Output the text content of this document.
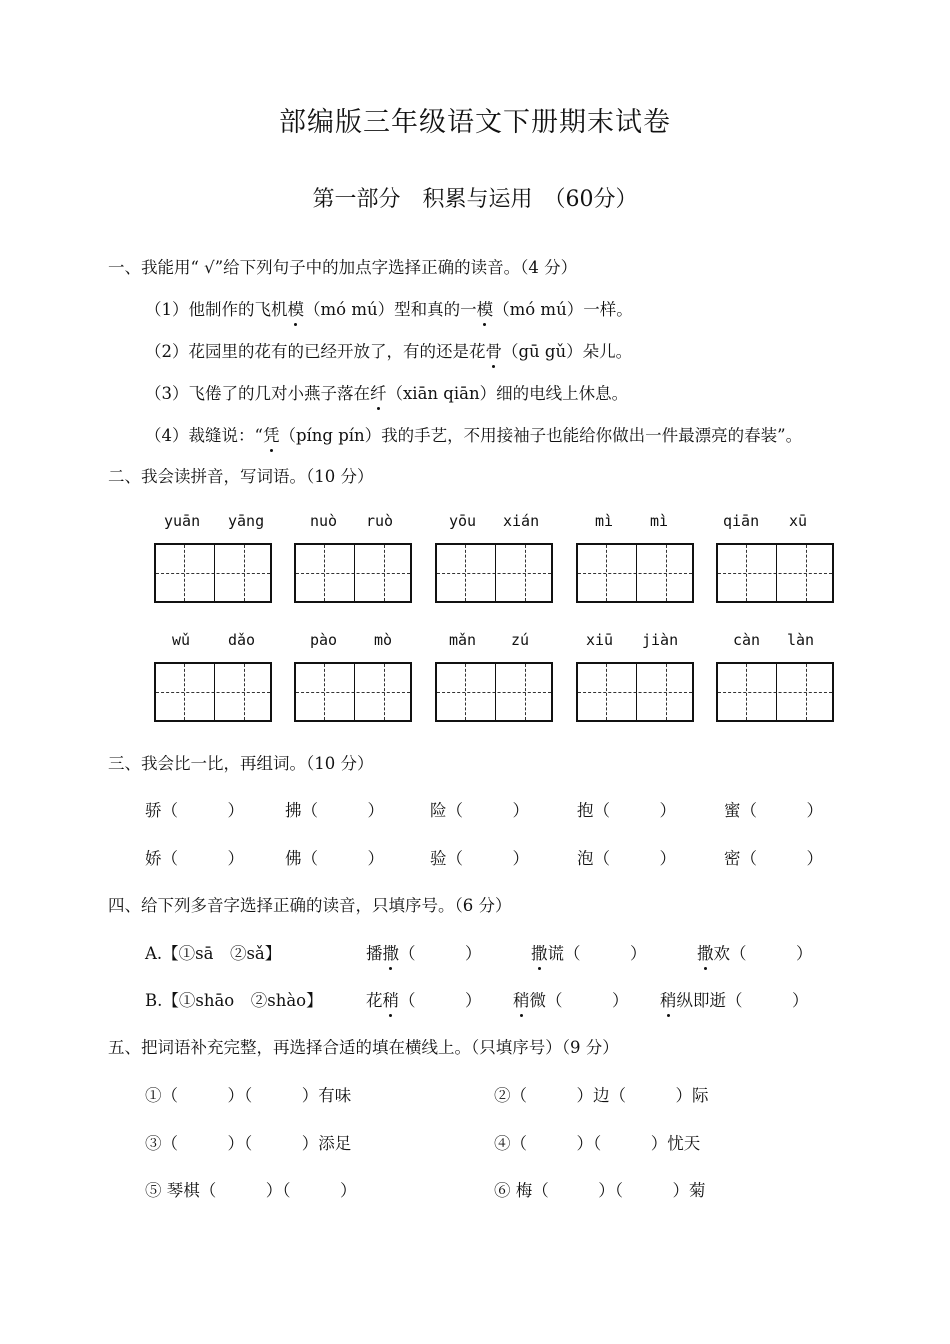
部编版三年级语文下册期末试卷
第一部分　积累与运用　（60分）
一、我能用“ √”给下列句子中的加点字选择正确的读音。（4 分）
（1）他制作的飞机模（mó mú）型和真的一模（mó mú）一样。
（2）花园里的花有的已经开放了，有的还是花骨（gū gǔ）朵儿。
（3）飞倦了的几对小燕子落在纤（xiān qiān）细的电线上休息。
（4）裁缝说：“凭（píng pín）我的手艺，不用接袖子也能给你做出一件最漂亮的春装”。
二、我会读拼音，写词语。（10 分）
yuān yāng	nuò ruò	yōu xián	mì mì	qiān xū
wǔ	dǎo	pào mò	mǎn zú	xiū jiàn	càn làn
三、我会比一比，再组词。（10 分）
骄（　　　） 拂（　　　）	险（　　　）	抱（　　　）	蜜（　　　）
娇（　　　） 佛（　　　）	验（　　　）	泡（　　　）	密（　　　）
四、给下列多音字选择正确的读音，只填序号。（6 分）
A.【①sā　②sǎ】	播撒（　　　）	撒谎（　　　）	撒欢（　　　）
B.【①shāo　②shào】	花稍（　　　） 稍微（　　　） 稍纵即逝（　　　）
五、把词语补充完整，再选择合适的填在横线上。（只填序号）（9 分）
①（　　　）（　　　）有味	②（　　　）边（　　　）际
③（　　　）（　　　）添足	④（　　　）（　　　）忧天
⑤ 琴棋（　　　）（　　　）	⑥ 梅（　　　）（　　　）菊
